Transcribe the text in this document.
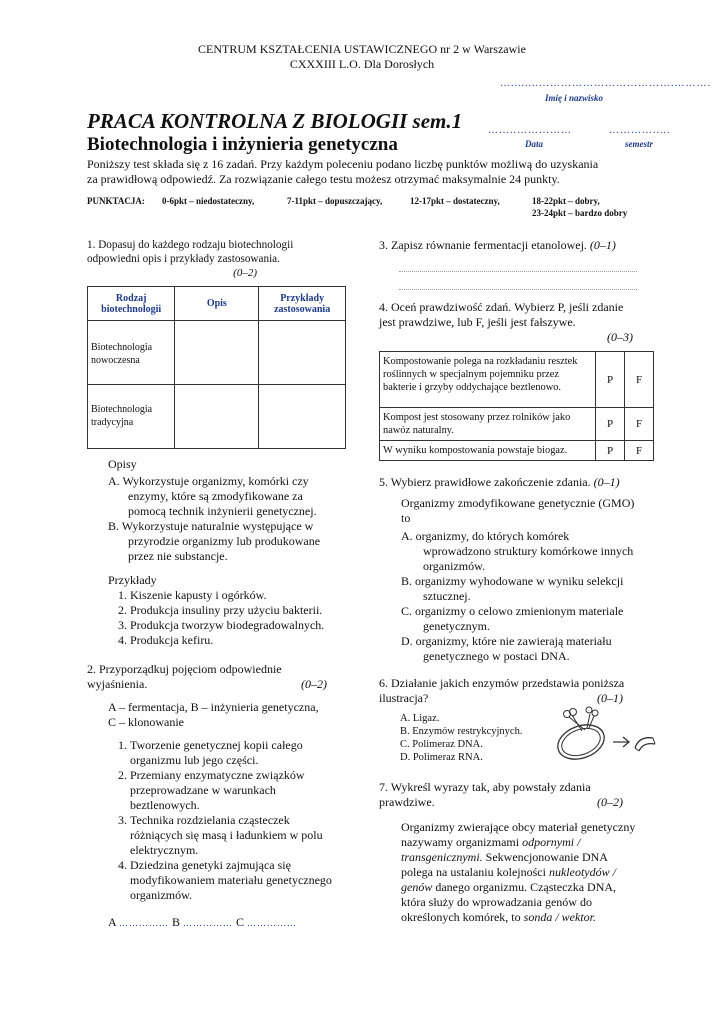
CENTRUM KSZTAŁCENIA USTAWICZNEGO nr 2 w Warszawie
CXXXIII L.O. Dla Dorosłych
…........……………………………….……….
Imię i nazwisko
PRACA KONTROLNA Z BIOLOGII sem.1
Biotechnologia i inżynieria genetyczna
……..……………
Data
………….....
semestr
Poniższy test składa się z 16 zadań. Przy każdym poleceniu podano liczbę punktów możliwą do uzyskania
za prawidłową odpowiedź. Za rozwiązanie całego testu możesz otrzymać maksymalnie 24 punkty.
PUNKTACJA: 0-6pkt – niedostateczny,	7-11pkt – dopuszczający,	12-17pkt – dostateczny,	18-22pkt – dobry,
23-24pkt – bardzo dobry
1. Dopasuj do każdego rodzaju biotechnologii odpowiedni opis i przykłady zastosowania.
(0–2)
Rodzaj biotechnologii	Opis	Przykłady zastosowania
Biotechnologia nowoczesna		
Biotechnologia tradycyjna		
Opisy
A. Wykorzystuje organizmy, komórki czy enzymy, które są zmodyfikowane za pomocą technik inżynierii genetycznej.
B. Wykorzystuje naturalnie występujące w przyrodzie organizmy lub produkowane przez nie substancje.
Przykłady
1. Kiszenie kapusty i ogórków.
2. Produkcja insuliny przy użyciu bakterii.
3. Produkcja tworzyw biodegradowalnych.
4. Produkcja kefiru.
2. Przyporządkuj pojęciom odpowiednie
wyjaśnienia.	(0–2)
A – fermentacja, B – inżynieria genetyczna,
C – klonowanie
1. Tworzenie genetycznej kopii całego organizmu lub jego części.
2. Przemiany enzymatyczne związków przeprowadzane w warunkach beztlenowych.
3. Technika rozdzielania cząsteczek różniących się masą i ładunkiem w polu elektrycznym.
4. Dziedzina genetyki zajmująca się modyfikowaniem materiału genetycznego organizmów.
A …………… B …………… C ……………
3. Zapisz równanie fermentacji etanolowej. (0–1)
4. Oceń prawdziwość zdań. Wybierz P, jeśli zdanie jest prawdziwe, lub F, jeśli jest fałszywe.
(0–3)
Kompostowanie polega na rozkładaniu resztek roślinnych w specjalnym pojemniku przez bakterie i grzyby oddychające beztlenowo.	P	F
Kompost jest stosowany przez rolników jako nawóz naturalny.	P	F
W wyniku kompostowania powstaje biogaz.	P	F
5. Wybierz prawidłowe zakończenie zdania. (0–1)
Organizmy zmodyfikowane genetycznie (GMO) to
A. organizmy, do których komórek wprowadzono struktury komórkowe innych organizmów.
B. organizmy wyhodowane w wyniku selekcji sztucznej.
C. organizmy o celowo zmienionym materiale genetycznym.
D. organizmy, które nie zawierają materiału genetycznego w postaci DNA.
6. Działanie jakich enzymów przedstawia poniższa
ilustracja?	(0–1)
A. Ligaz.
B. Enzymów restrykcyjnych.
C. Polimeraz DNA.
D. Polimeraz RNA.
7. Wykreśl wyrazy tak, aby powstały zdania
prawdziwe.	(0–2)
Organizmy zwierające obcy materiał genetyczny nazywamy organizmami odpornymi / transgenicznymi. Sekwencjonowanie DNA polega na ustalaniu kolejności nukleotydów / genów danego organizmu. Cząsteczka DNA, która służy do wprowadzania genów do określonych komórek, to sonda / wektor.
